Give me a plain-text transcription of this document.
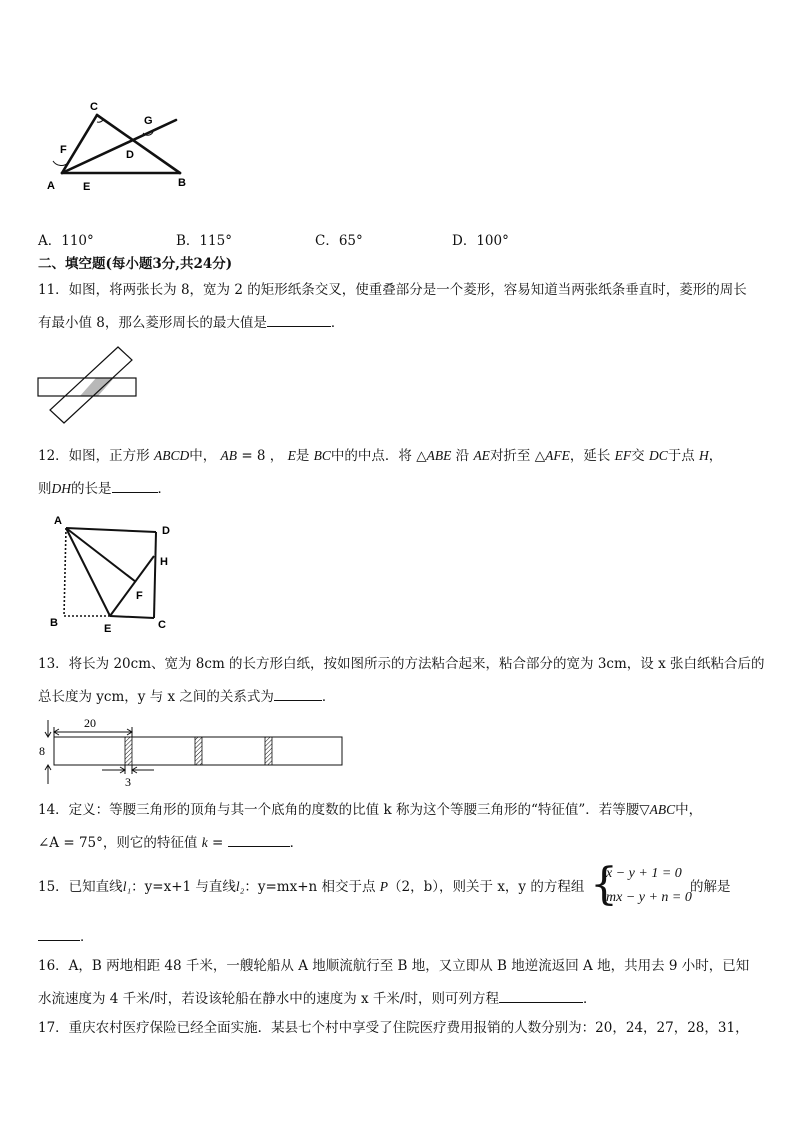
C
G
F	D
A	E	B
A．110°	B．115°	C．65°	D．100°
二、填空题(每小题3分,共24分)
11．如图，将两张长为 8，宽为 2 的矩形纸条交叉，使重叠部分是一个菱形，容易知道当两张纸条垂直时，菱形的周长
有最小值 8，那么菱形周长的最大值是	．
12．如图，正方形 ABCD中， AB = 8 ， E是 BC中的中点．将 △ABE 沿 AE对折至 △AFE，延长 EF交 DC于点 H，
则DH的长是	．
A
D
H
F
B	E	C
13．将长为 20cm、宽为 8cm 的长方形白纸，按如图所示的方法粘合起来，粘合部分的宽为 3cm，设 x 张白纸粘合后的
总长度为 ycm，y 与 x 之间的关系式为	．
20
8
3
14．定义：等腰三角形的顶角与其一个底角的度数的比值 k 称为这个等腰三角形的“特征值”．若等腰▽ABC中，
∠A = 75°，则它的特征值 k =	．
15．已知直线l₁：y=x+1 与直线l₂：y=mx+n 相交于点 P（2，b），则关于 x，y 的方程组 {
x − y + 1 = 0
mx − y + n = 0
的解是
．
16．A，B 两地相距 48 千米，一艘轮船从 A 地顺流航行至 B 地，又立即从 B 地逆流返回 A 地，共用去 9 小时，已知
水流速度为 4 千米/时，若设该轮船在静水中的速度为 x 千米/时，则可列方程	．
17．重庆农村医疗保险已经全面实施．某县七个村中享受了住院医疗费用报销的人数分别为：20，24，27，28，31，
